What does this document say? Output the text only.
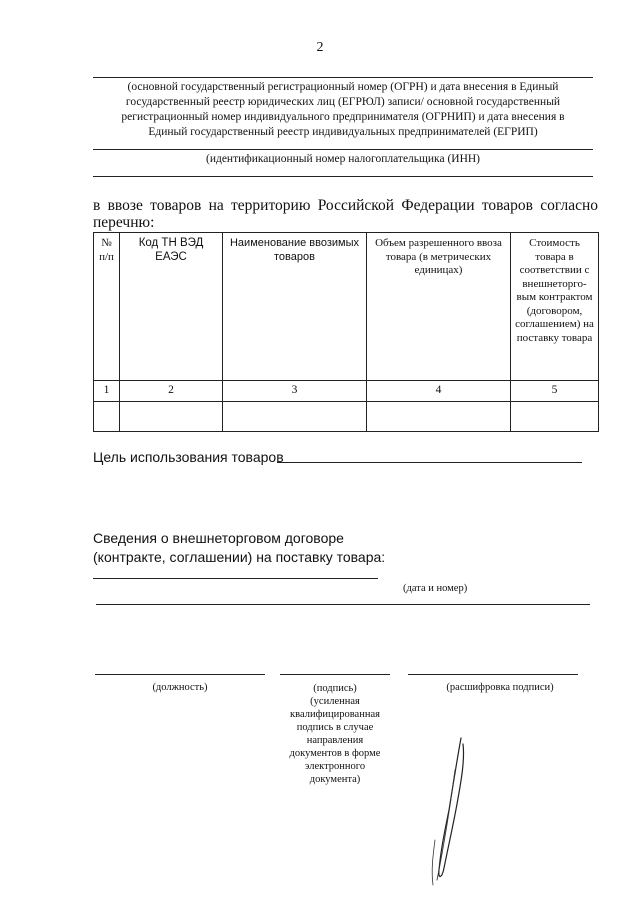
2
(основной государственный регистрационный номер (ОГРН) и дата внесения в Единый государственный реестр юридических лиц (ЕГРЮЛ) записи/ основной государственный регистрационный номер индивидуального предпринимателя (ОГРНИП) и дата внесения в Единый государственный реестр индивидуальных предпринимателей (ЕГРИП)
(идентификационный номер налогоплательщика (ИНН)
в ввозе товаров на территорию Российской Федерации товаров согласно
перечню:
№ п/п	Код ТН ВЭД ЕАЭС	Наименование ввозимых товаров	Объем разрешенного ввоза товара (в метрических единицах)	Стоимость товара в соответствии с внешнеторго-вым контрактом (договором, соглашением) на поставку товара
1	2	3	4	5

Цель использования товаров
Сведения о внешнеторговом договоре
(контракте, соглашении) на поставку товара:
(дата и номер)
(должность)	(подпись)
(усиленная
квалифицированная
подпись в случае
направления
документов в форме
электронного
документа)
(расшифровка подписи)
